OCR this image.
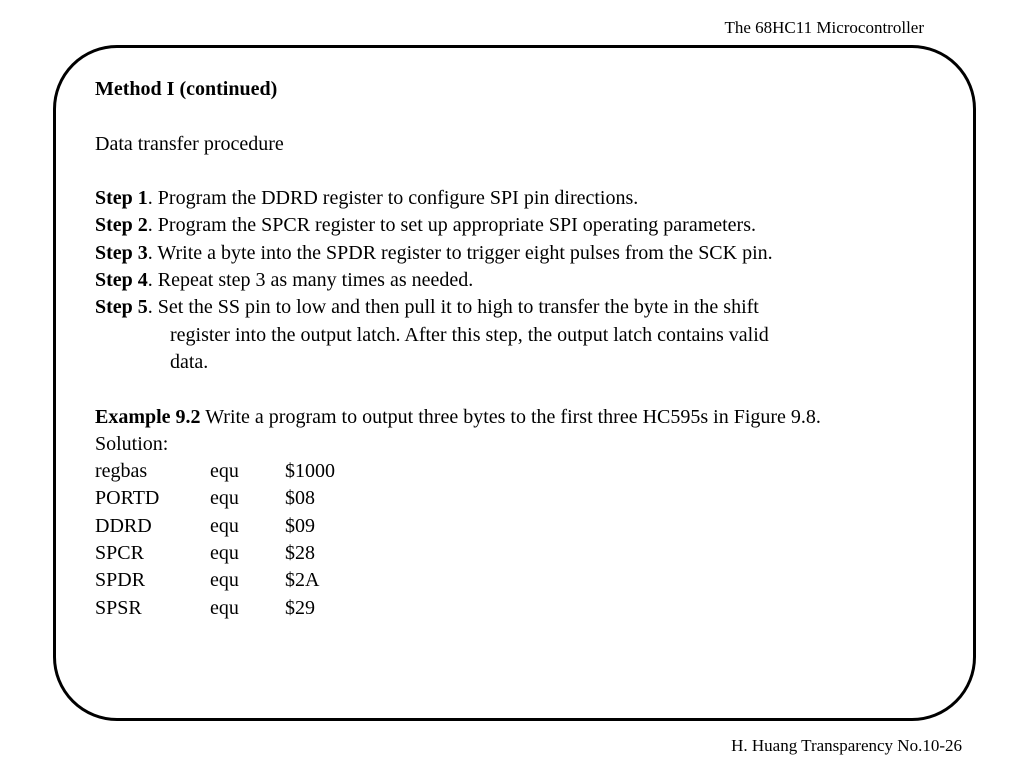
The 68HC11 Microcontroller
Method I (continued)
Data transfer procedure
Step 1. Program the DDRD register to configure SPI pin directions.
Step 2. Program the SPCR register to set up appropriate SPI operating parameters.
Step 3. Write a byte into the SPDR register to trigger eight pulses from the SCK pin.
Step 4. Repeat step 3 as many times as needed.
Step 5. Set the SS pin to low and then pull it to high to transfer the byte in the shift
register into the output latch. After this step, the output latch contains valid
data.
Example 9.2 Write a program to output three bytes to the first three HC595s in Figure 9.8.
Solution:
regbas	equ	$1000
PORTD	equ	$08
DDRD	equ	$09
SPCR	equ	$28
SPDR	equ	$2A
SPSR	equ	$29
H. Huang Transparency No.10-26
